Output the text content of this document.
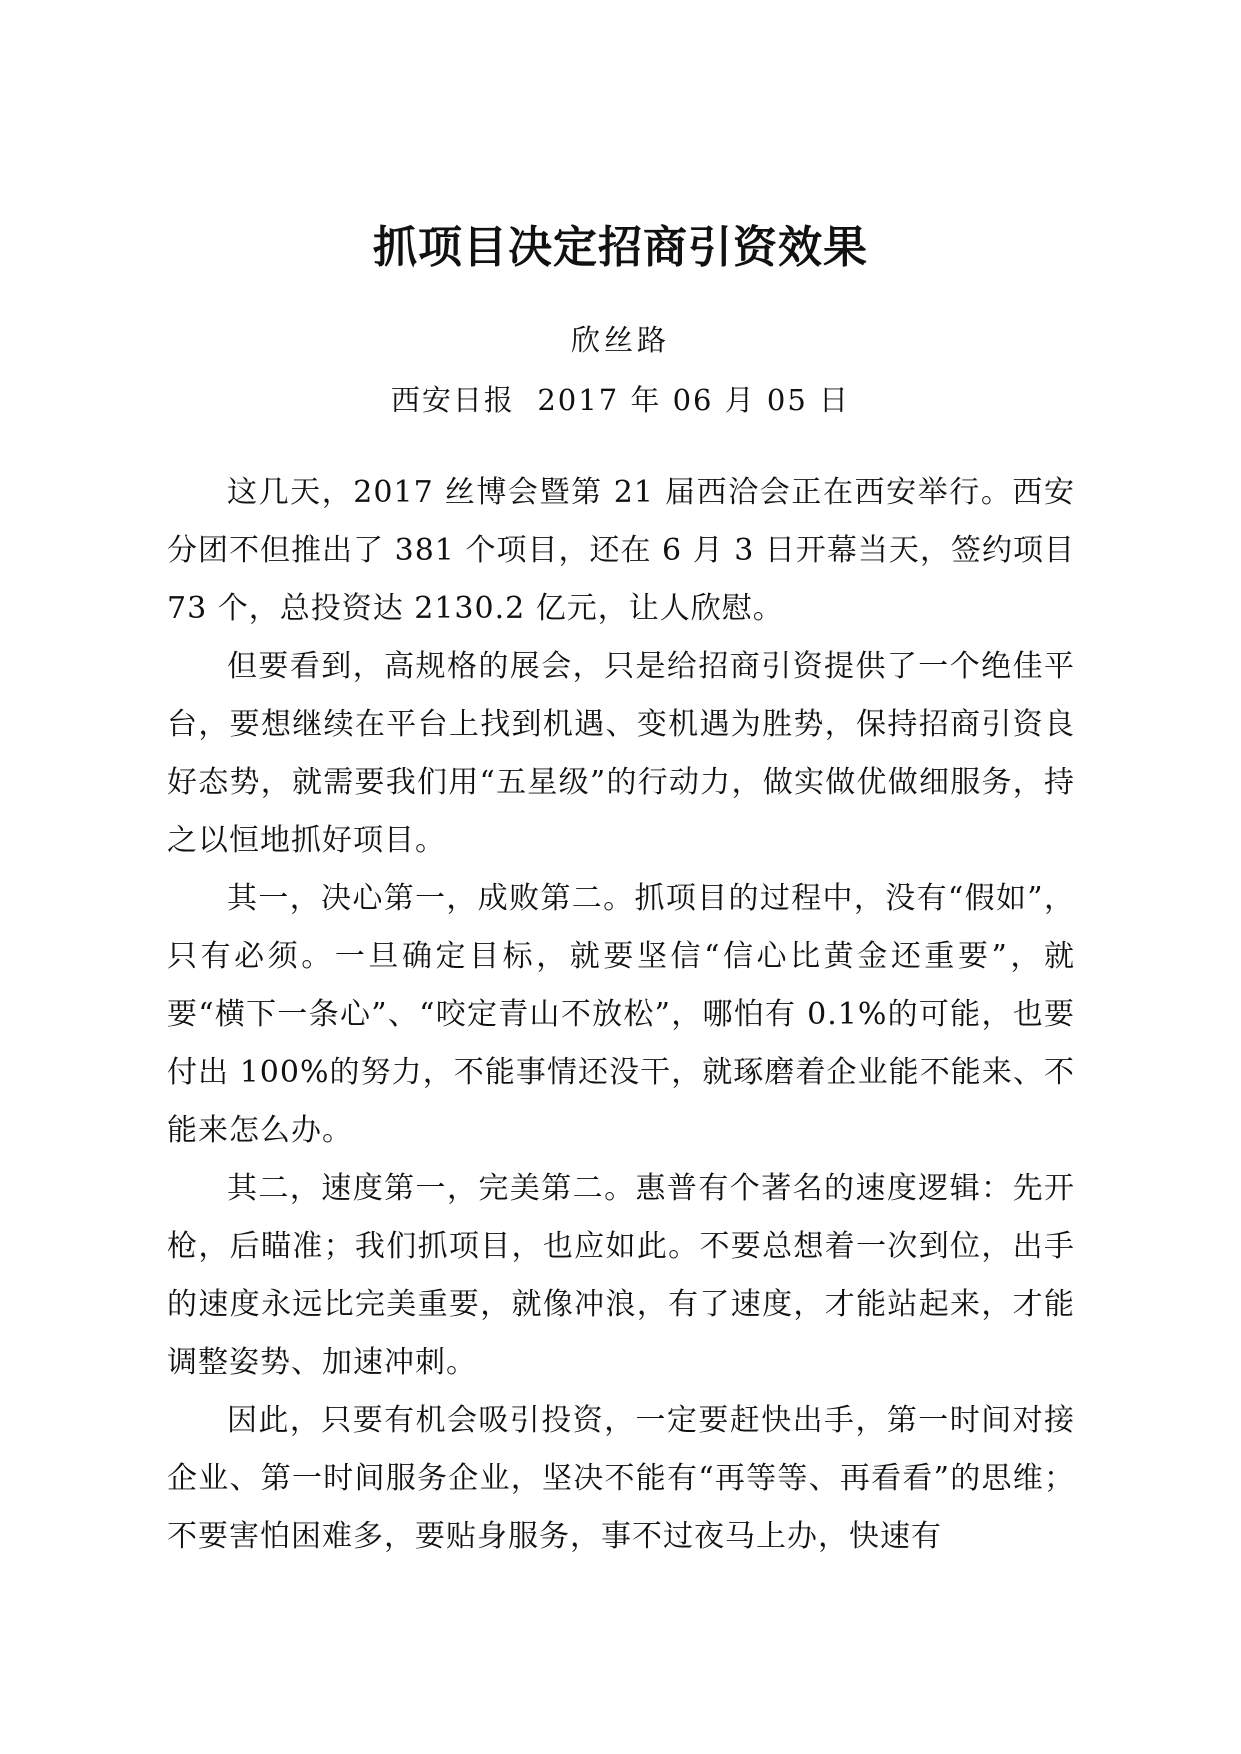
抓项目决定招商引资效果
欣丝路
西安日报  2017 年 06 月 05 日

这几天，2017 丝博会暨第 21 届西洽会正在西安举行。西安分团不但推出了 381 个项目，还在 6 月 3 日开幕当天，签约项目 73 个，总投资达 2130.2 亿元，让人欣慰。

但要看到，高规格的展会，只是给招商引资提供了一个绝佳平台，要想继续在平台上找到机遇、变机遇为胜势，保持招商引资良好态势，就需要我们用“五星级”的行动力，做实做优做细服务，持之以恒地抓好项目。

其一，决心第一，成败第二。抓项目的过程中，没有“假如”，只有必须。一旦确定目标，就要坚信“信心比黄金还重要”，就要“横下一条心”、“咬定青山不放松”，哪怕有 0.1%的可能，也要付出 100%的努力，不能事情还没干，就琢磨着企业能不能来、不能来怎么办。

其二，速度第一，完美第二。惠普有个著名的速度逻辑：先开枪，后瞄准；我们抓项目，也应如此。不要总想着一次到位，出手的速度永远比完美重要，就像冲浪，有了速度，才能站起来，才能调整姿势、加速冲刺。

因此，只要有机会吸引投资，一定要赶快出手，第一时间对接企业、第一时间服务企业，坚决不能有“再等等、再看看”的思维；不要害怕困难多，要贴身服务，事不过夜马上办，快速有
